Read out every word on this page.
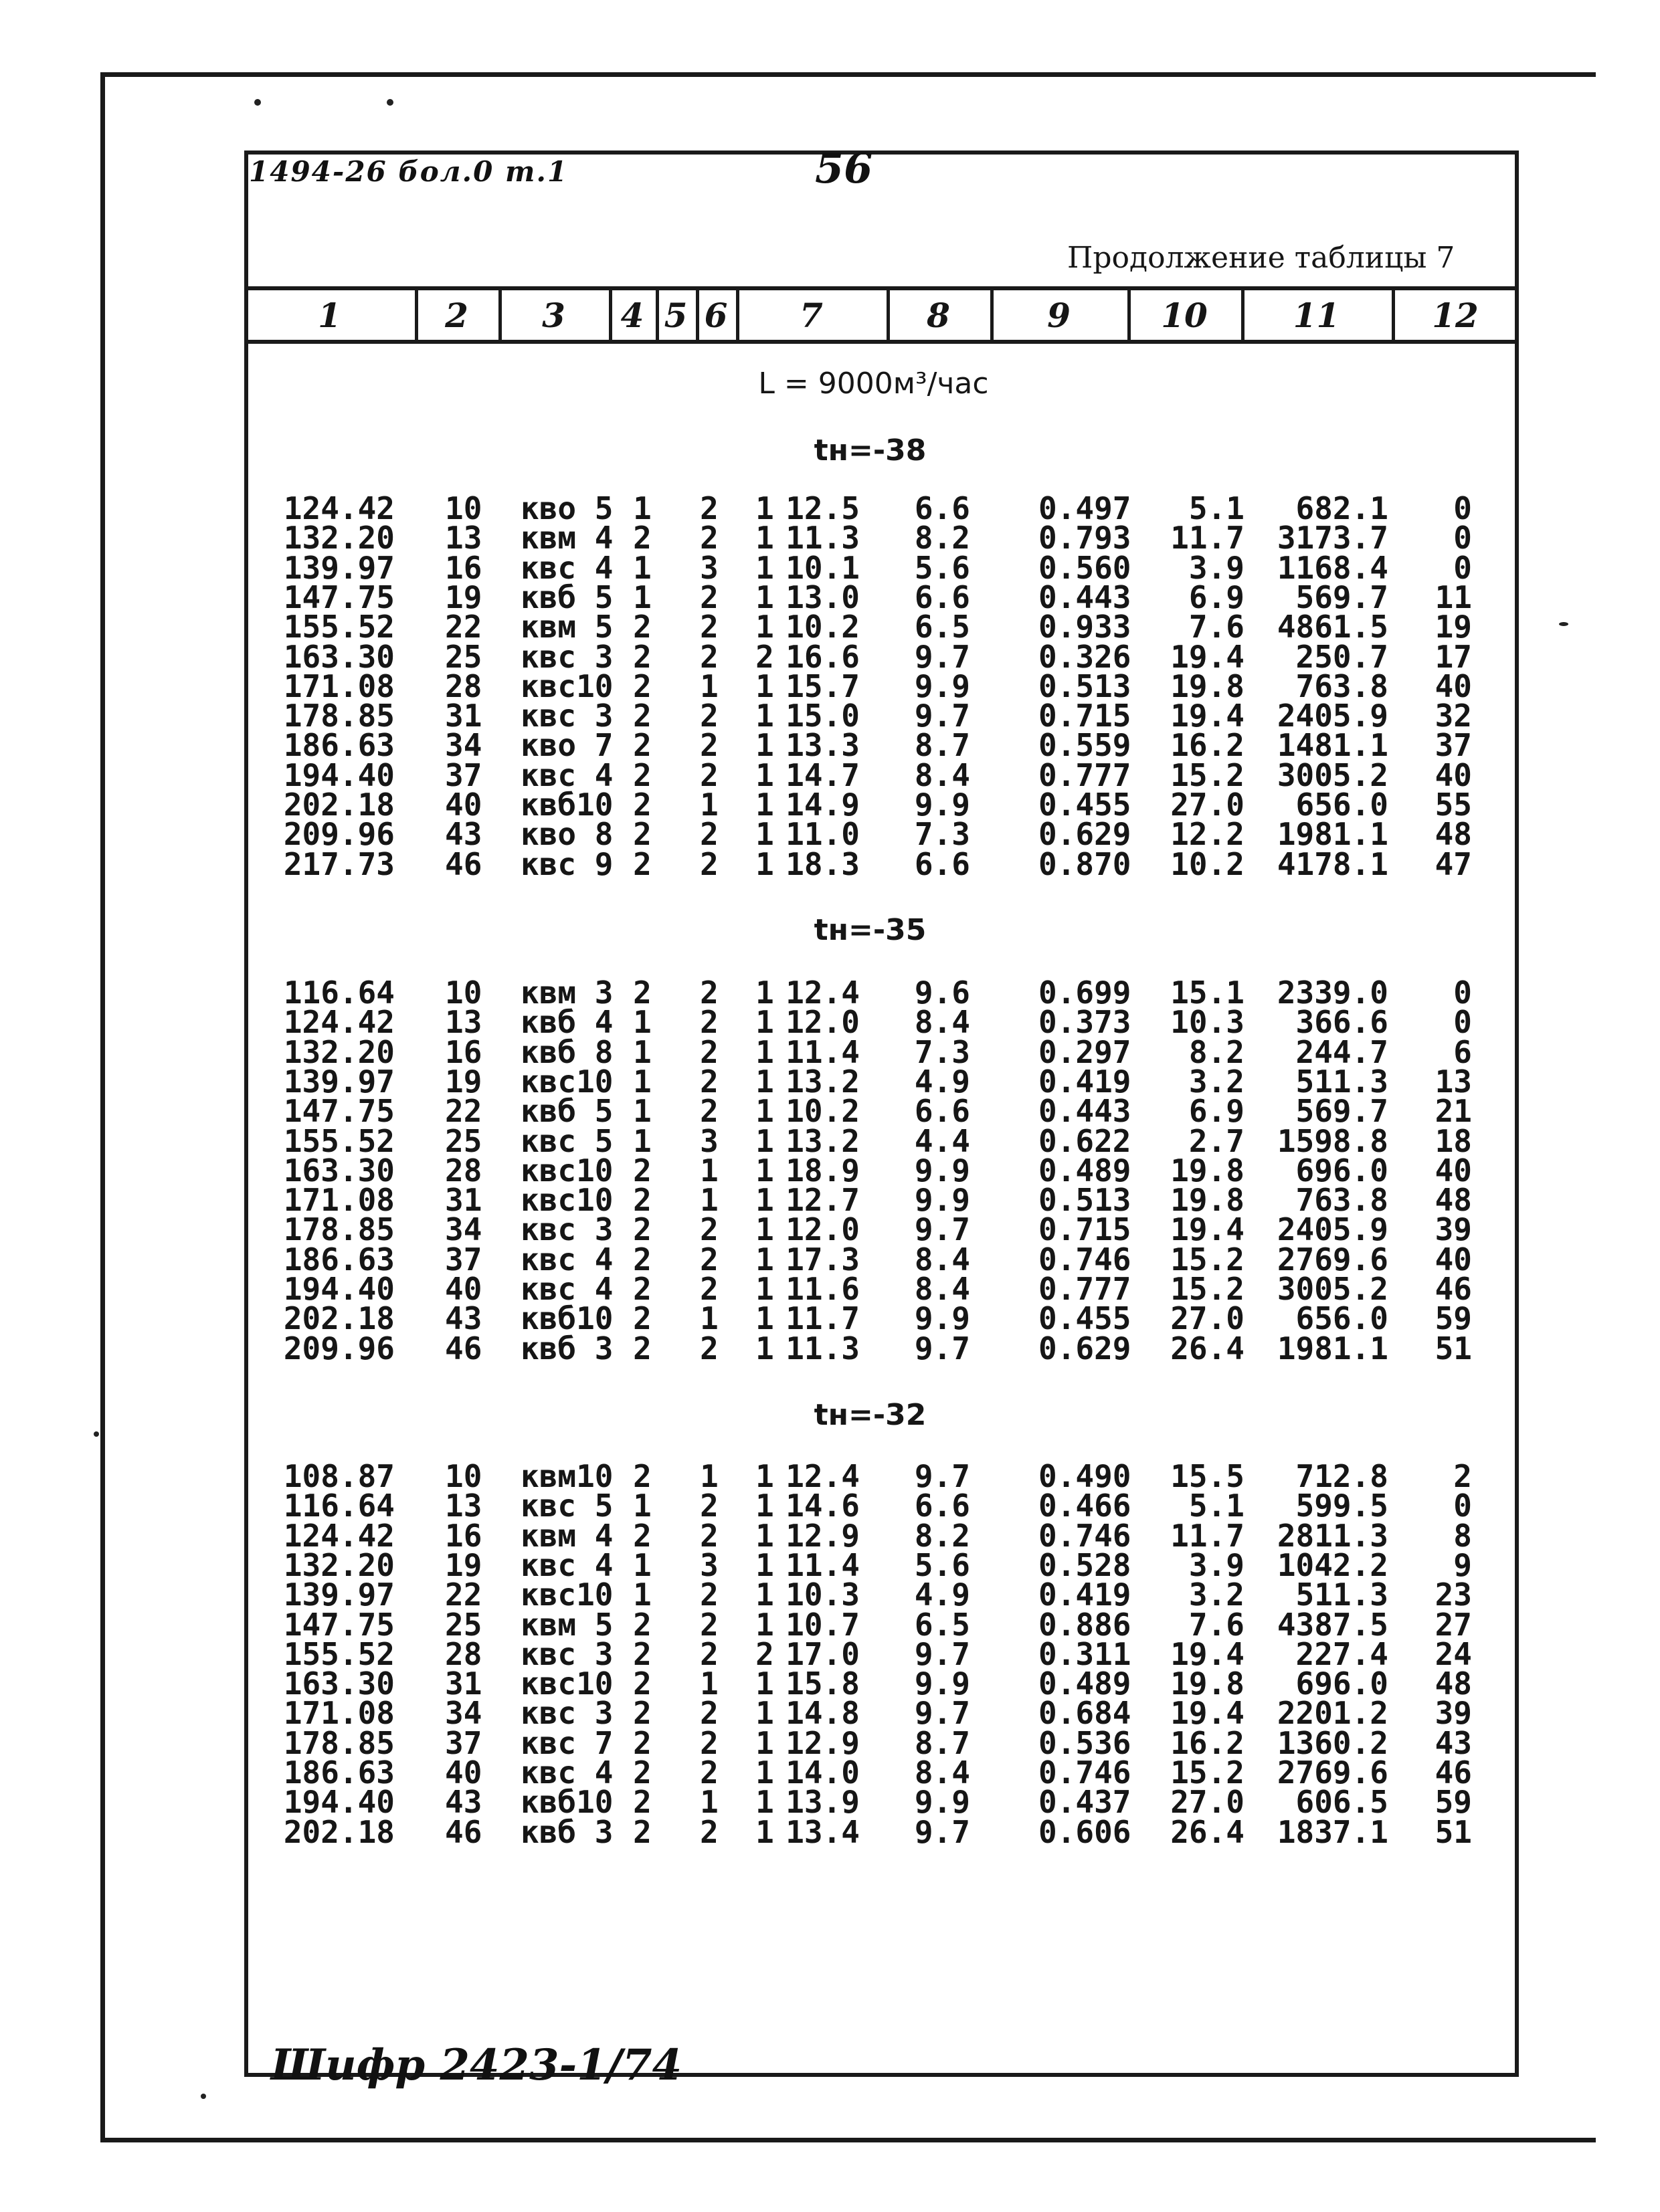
1494-26 бол.0 т.1	56
Продолжение таблицы 7
1	2	3	4 5 6	7	8	9	10	11	12
L = 9000м³/час
tн=-38
124.42 10 кво 5 1	2	1 12.5 6.6 0.497 5.1 682.1 0
132.20 13 квм 4 2	2	1 11.3 8.2 0.793 11.7 3173.7 0
139.97 16 квс 4 1	3	1 10.1 5.6 0.560 3.9 1168.4 0
147.75 19 квб 5 1	2	1 13.0 6.6 0.443 6.9 569.7 11
155.52 22 квм 5 2	2	1 10.2 6.5 0.933 7.6 4861.5 19
163.30 25 квс 3 2	2	2 16.6 9.7 0.326 19.4 250.7 17
171.08 28 квс10 2	1	1 15.7 9.9 0.513 19.8 763.8 40
178.85 31 квс 3 2	2	1 15.0 9.7 0.715 19.4 2405.9 32
186.63 34 кво 7 2	2	1 13.3 8.7 0.559 16.2 1481.1 37
194.40 37 квс 4 2	2	1 14.7 8.4 0.777 15.2 3005.2 40
202.18 40 квб10 2	1	1 14.9 9.9 0.455 27.0 656.0 55
209.96 43 кво 8 2	2	1 11.0 7.3 0.629 12.2 1981.1 48
217.73 46 квс 9 2	2	1 18.3 6.6 0.870 10.2 4178.1 47
tн=-35
116.64 10 квм 3 2	2	1 12.4 9.6 0.699 15.1 2339.0 0
124.42 13 квб 4 1	2	1 12.0 8.4 0.373 10.3 366.6 0
132.20 16 квб 8 1	2	1 11.4 7.3 0.297 8.2 244.7 6
139.97 19 квс10 1	2	1 13.2 4.9 0.419 3.2 511.3 13
147.75 22 квб 5 1	2	1 10.2 6.6 0.443 6.9 569.7 21
155.52 25 квс 5 1	3	1 13.2 4.4 0.622 2.7 1598.8 18
163.30 28 квс10 2	1	1 18.9 9.9 0.489 19.8 696.0 40
171.08 31 квс10 2	1	1 12.7 9.9 0.513 19.8 763.8 48
178.85 34 квс 3 2	2	1 12.0 9.7 0.715 19.4 2405.9 39
186.63 37 квс 4 2	2	1 17.3 8.4 0.746 15.2 2769.6 40
194.40 40 квс 4 2	2	1 11.6 8.4 0.777 15.2 3005.2 46
202.18 43 квб10 2	1	1 11.7 9.9 0.455 27.0 656.0 59
209.96 46 квб 3 2	2	1 11.3 9.7 0.629 26.4 1981.1 51
tн=-32
108.87 10 квм10 2	1	1 12.4 9.7 0.490 15.5 712.8 2
116.64 13 квс 5 1	2	1 14.6 6.6 0.466 5.1 599.5 0
124.42 16 квм 4 2	2	1 12.9 8.2 0.746 11.7 2811.3 8
132.20 19 квс 4 1	3	1 11.4 5.6 0.528 3.9 1042.2 9
139.97 22 квс10 1	2	1 10.3 4.9 0.419 3.2 511.3 23
147.75 25 квм 5 2	2	1 10.7 6.5 0.886 7.6 4387.5 27
155.52 28 квс 3 2	2	2 17.0 9.7 0.311 19.4 227.4 24
163.30 31 квс10 2	1	1 15.8 9.9 0.489 19.8 696.0 48
171.08 34 квс 3 2	2	1 14.8 9.7 0.684 19.4 2201.2 39
178.85 37 квс 7 2	2	1 12.9 8.7 0.536 16.2 1360.2 43
186.63 40 квс 4 2	2	1 14.0 8.4 0.746 15.2 2769.6 46
194.40 43 квб10 2	1	1 13.9 9.9 0.437 27.0 606.5 59
202.18 46 квб 3 2	2	1 13.4 9.7 0.606 26.4 1837.1 51
Шифр 2423-1/74
